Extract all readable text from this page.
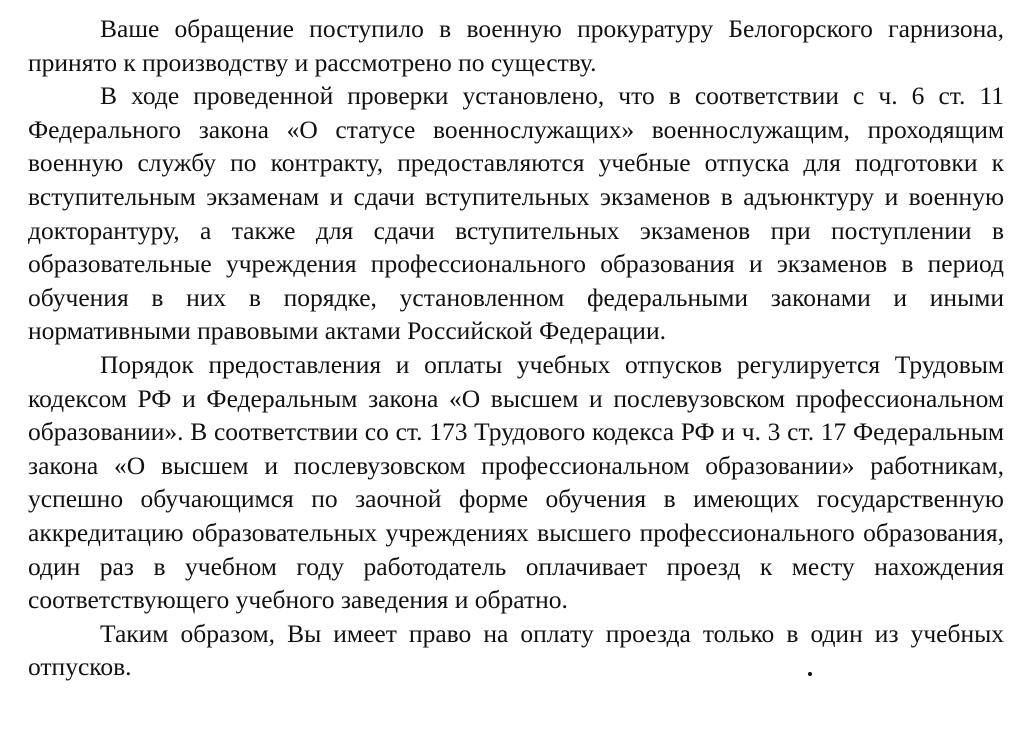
Ваше обращение поступило в военную прокуратуру Белогорского гарнизона, принято к производству и рассмотрено по существу.

В ходе проведенной проверки установлено, что в соответствии с ч. 6 ст. 11 Федерального закона «О статусе военнослужащих» военнослужащим, проходящим военную службу по контракту, предоставляются учебные отпуска для подготовки к вступительным экзаменам и сдачи вступительных экзаменов в адъюнктуру и военную докторантуру, а также для сдачи вступительных экзаменов при поступлении в образовательные учреждения профессионального образования и экзаменов в период обучения в них в порядке, установленном федеральными законами и иными нормативными правовыми актами Российской Федерации.

Порядок предоставления и оплаты учебных отпусков регулируется Трудовым кодексом РФ и Федеральным закона «О высшем и послевузовском профессиональном образовании». В соответствии со ст. 173 Трудового кодекса РФ и ч. 3 ст. 17 Федеральным закона «О высшем и послевузовском профессиональном образовании» работникам, успешно обучающимся по заочной форме обучения в имеющих государственную аккредитацию образовательных учреждениях высшего профессионального образования, один раз в учебном году работодатель оплачивает проезд к месту нахождения соответствующего учебного заведения и обратно.

Таким образом, Вы имеет право на оплату проезда только в один из учебных отпусков.
